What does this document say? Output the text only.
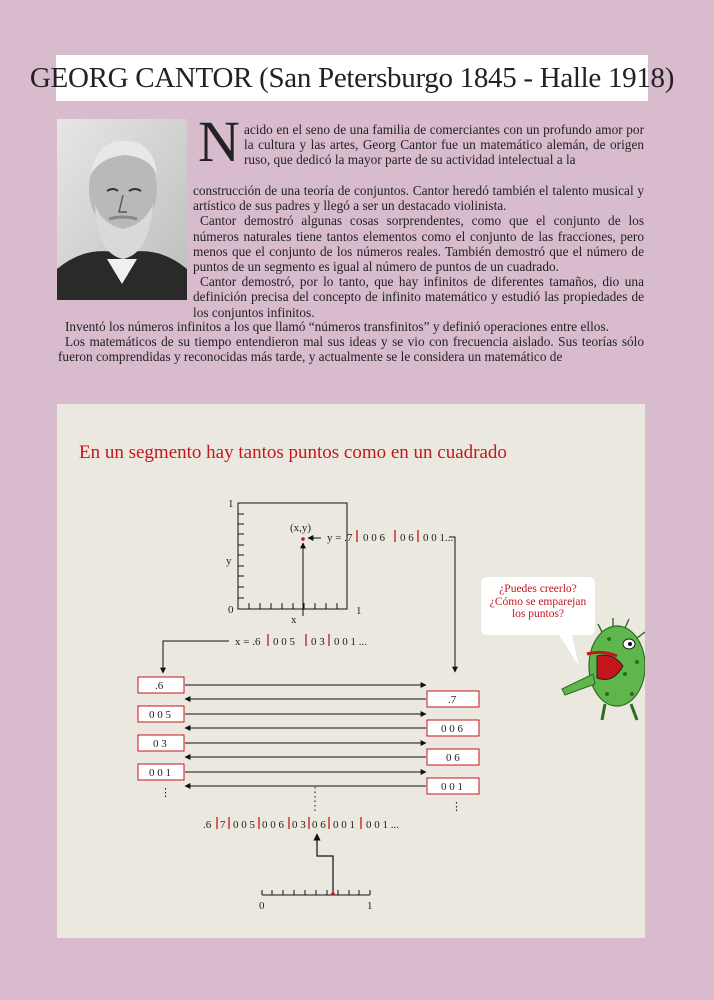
GEORG CANTOR (San Petersburgo 1845 - Halle 1918)
N acido en el seno de una familia de comerciantes con un profundo amor por la cultura y las artes, Georg Cantor fue un matemático alemán, de origen ruso, que dedicó la mayor parte de su actividad intelectual a la

construcción de una teoría de conjuntos. Cantor heredó también el talento musical y artístico de sus padres y llegó a ser un destacado violinista.

Cantor demostró algunas cosas sorprendentes, como que el conjunto de los números naturales tiene tantos elementos como el conjunto de las fracciones, pero menos que el conjunto de los números reales. También demostró que el número de puntos de un segmento es igual al número de puntos de un cuadrado.

Cantor demostró, por lo tanto, que hay infinitos de diferentes tamaños, dio una definición precisa del concepto de infinito matemático y estudió las propiedades de los conjuntos infinitos.

Inventó los números infinitos a los que llamó “números transfinitos” y definió operaciones entre ellos.

Los matemáticos de su tiempo entendieron mal sus ideas y se vio con frecuencia aislado. Sus teorías sólo fueron comprendidas y reconocidas más tarde, y actualmente se le considera un matemático de

En un segmento hay tantos puntos como en un cuadrado
1
0	1
y
x
(x,y)
y = .7 0 0 6 0 6 0 0 1...
x = .6 0 0 5 0 3 0 0 1 ...
.6
0 0 5
0 3
0 0 1
⋮
.7
0 0 6
0 6
0 0 1
⋮
.6 7 0 0 5 0 0 6 0 3 0 6 0 0 1 0 0 1 ...
0	1
¿Puedes creerlo?
¿Cómo se emparejan
los puntos?
